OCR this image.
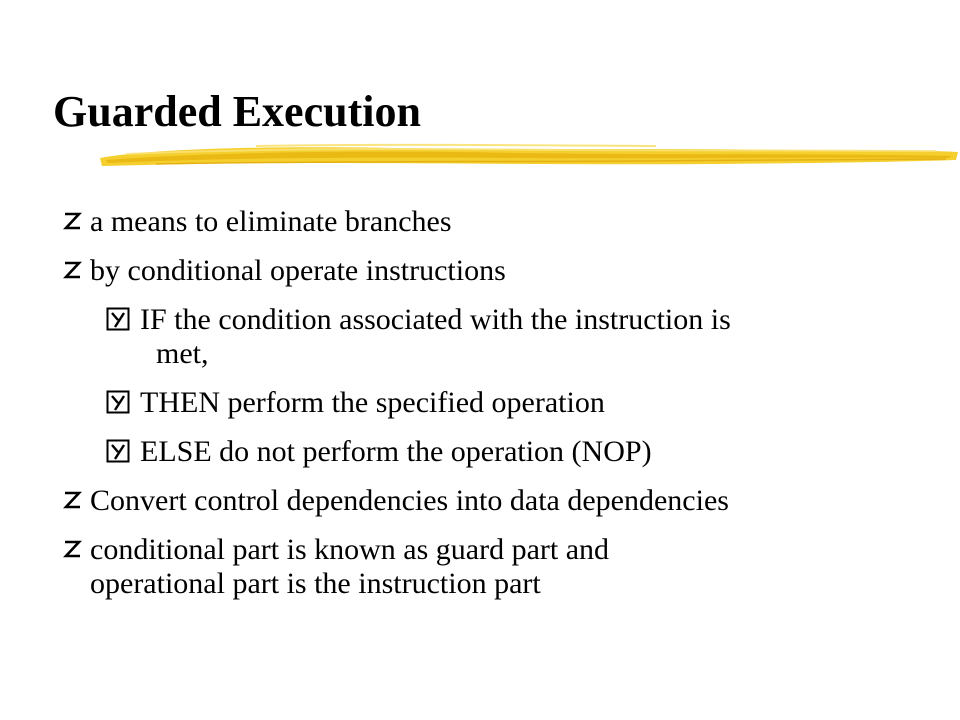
Guarded Execution
a means to eliminate branches
by conditional operate instructions
IF the condition associated with the instruction is
met,
THEN perform the specified operation
ELSE do not perform the operation (NOP)
Convert control dependencies into data dependencies
conditional part is known as guard part and
operational part is the instruction part
